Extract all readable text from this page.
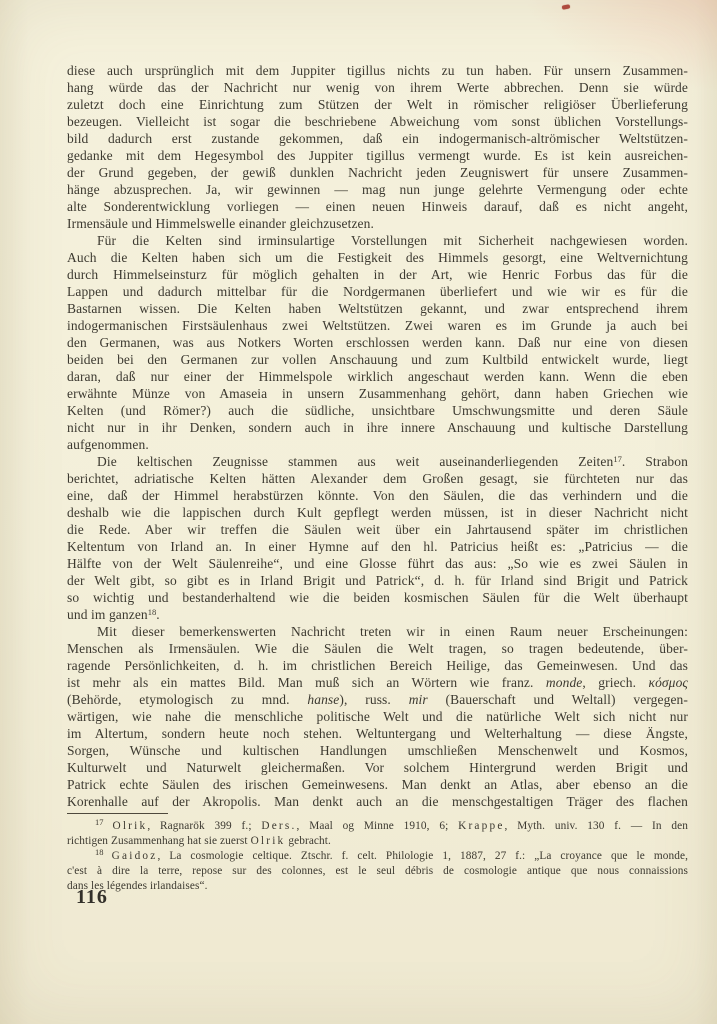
diese auch ursprünglich mit dem Juppiter tigillus nichts zu tun haben. Für unsern Zusammen-
hang würde das der Nachricht nur wenig von ihrem Werte abbrechen. Denn sie würde
zuletzt doch eine Einrichtung zum Stützen der Welt in römischer religiöser Überlieferung
bezeugen. Vielleicht ist sogar die beschriebene Abweichung vom sonst üblichen Vorstellungs-
bild dadurch erst zustande gekommen, daß ein indogermanisch-altrömischer Weltstützen-
gedanke mit dem Hegesymbol des Juppiter tigillus vermengt wurde. Es ist kein ausreichen-
der Grund gegeben, der gewiß dunklen Nachricht jeden Zeugniswert für unsere Zusammen-
hänge abzusprechen. Ja, wir gewinnen — mag nun junge gelehrte Vermengung oder echte
alte Sonderentwicklung vorliegen — einen neuen Hinweis darauf, daß es nicht angeht,
Irmensäule und Himmelswelle einander gleichzusetzen.
Für die Kelten sind irminsulartige Vorstellungen mit Sicherheit nachgewiesen worden.
Auch die Kelten haben sich um die Festigkeit des Himmels gesorgt, eine Weltvernichtung
durch Himmelseinsturz für möglich gehalten in der Art, wie Henric Forbus das für die
Lappen und dadurch mittelbar für die Nordgermanen überliefert und wie wir es für die
Bastarnen wissen. Die Kelten haben Weltstützen gekannt, und zwar entsprechend ihrem
indogermanischen Firstsäulenhaus zwei Weltstützen. Zwei waren es im Grunde ja auch bei
den Germanen, was aus Notkers Worten erschlossen werden kann. Daß nur eine von diesen
beiden bei den Germanen zur vollen Anschauung und zum Kultbild entwickelt wurde, liegt
daran, daß nur einer der Himmelspole wirklich angeschaut werden kann. Wenn die eben
erwähnte Münze von Amaseia in unsern Zusammenhang gehört, dann haben Griechen wie
Kelten (und Römer?) auch die südliche, unsichtbare Umschwungsmitte und deren Säule
nicht nur in ihr Denken, sondern auch in ihre innere Anschauung und kultische Darstellung
aufgenommen.
Die keltischen Zeugnisse stammen aus weit auseinanderliegenden Zeiten$^{17}$. Strabon
berichtet, adriatische Kelten hätten Alexander dem Großen gesagt, sie fürchteten nur das
eine, daß der Himmel herabstürzen könnte. Von den Säulen, die das verhindern und die
deshalb wie die lappischen durch Kult gepflegt werden müssen, ist in dieser Nachricht nicht
die Rede. Aber wir treffen die Säulen weit über ein Jahrtausend später im christlichen
Keltentum von Irland an. In einer Hymne auf den hl. Patricius heißt es: „Patricius — die
Hälfte von der Welt Säulenreihe“, und eine Glosse führt das aus: „So wie es zwei Säulen in
der Welt gibt, so gibt es in Irland Brigit und Patrick“, d. h. für Irland sind Brigit und Patrick
so wichtig und bestanderhaltend wie die beiden kosmischen Säulen für die Welt überhaupt
und im ganzen$^{18}$.
Mit dieser bemerkenswerten Nachricht treten wir in einen Raum neuer Erscheinungen:
Menschen als Irmensäulen. Wie die Säulen die Welt tragen, so tragen bedeutende, über-
ragende Persönlichkeiten, d. h. im christlichen Bereich Heilige, das Gemeinwesen. Und das
ist mehr als ein mattes Bild. Man muß sich an Wörtern wie franz. monde, griech. κόσμος
(Behörde, etymologisch zu mnd. hanse), russ. mir (Bauerschaft und Weltall) vergegen-
wärtigen, wie nahe die menschliche politische Welt und die natürliche Welt sich nicht nur
im Altertum, sondern heute noch stehen. Weltuntergang und Welterhaltung — diese Ängste,
Sorgen, Wünsche und kultischen Handlungen umschließen Menschenwelt und Kosmos,
Kulturwelt und Naturwelt gleichermaßen. Vor solchem Hintergrund werden Brigit und
Patrick echte Säulen des irischen Gemeinwesens. Man denkt an Atlas, aber ebenso an die
Korenhalle auf der Akropolis. Man denkt auch an die menschgestaltigen Träger des flachen
$^{17}$ Olrik, Ragnarök 399 f.; Ders., Maal og Minne 1910, 6; Krappe, Myth. univ. 130 f. — In den
richtigen Zusammenhang hat sie zuerst Olrik gebracht.
$^{18}$ Gaidoz, La cosmologie celtique. Ztschr. f. celt. Philologie 1, 1887, 27 f.: „La croyance que le monde,
c'est à dire la terre, repose sur des colonnes, est le seul débris de cosmologie antique que nous connaissions
dans les légendes irlandaises“.
116
